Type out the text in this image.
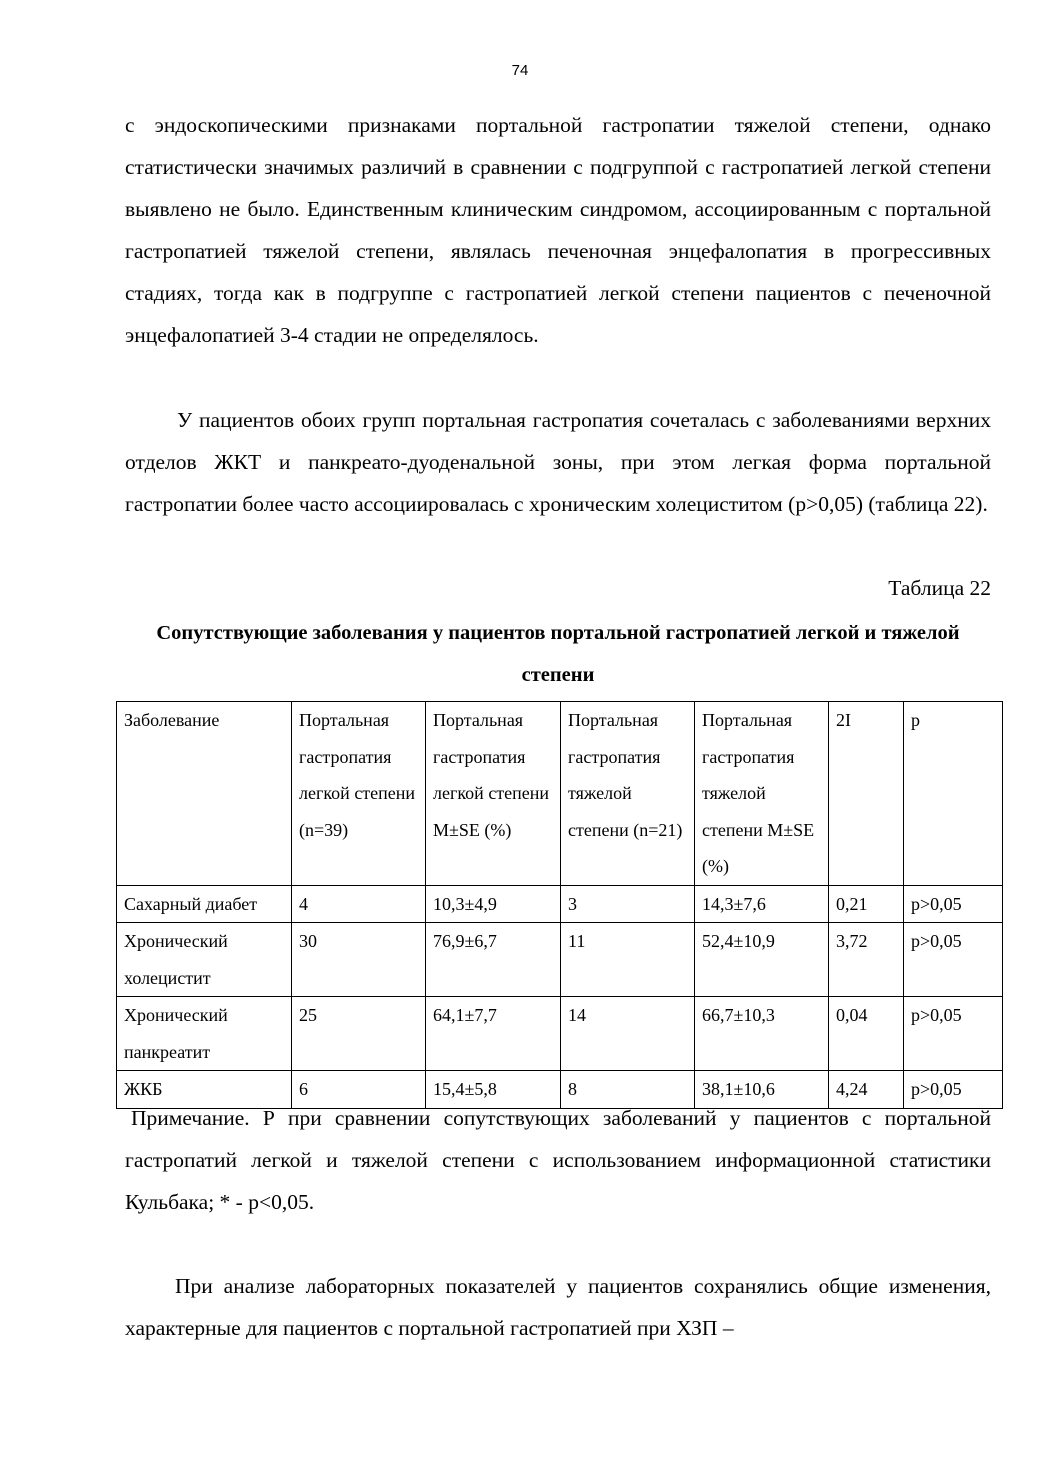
74

с эндоскопическими признаками портальной гастропатии тяжелой степени, однако статистически значимых различий в сравнении с подгруппой с гастропатией легкой степени выявлено не было. Единственным клиническим синдромом, ассоциированным с портальной гастропатией тяжелой степени, являлась печеночная энцефалопатия в прогрессивных стадиях, тогда как в подгруппе с гастропатией легкой степени пациентов с печеночной энцефалопатией 3-4 стадии не определялось.

У пациентов обоих групп портальная гастропатия сочеталась с заболеваниями верхних отделов ЖКТ и панкреато-дуоденальной зоны, при этом легкая форма портальной гастропатии более часто ассоциировалась с хроническим холециститом (p>0,05) (таблица 22).

Таблица 22
Сопутствующие заболевания у пациентов портальной гастропатией легкой и тяжелой степени
Заболевание	Портальная гастропатия легкой степени (n=39)	Портальная гастропатия легкой степени M±SE (%)	Портальная гастропатия тяжелой степени (n=21)	Портальная гастропатия тяжелой степени M±SE (%)	2I	p
Сахарный диабет	4	10,3±4,9	3	14,3±7,6	0,21	p>0,05
Хронический холецистит	30	76,9±6,7	11	52,4±10,9	3,72	p>0,05
Хронический панкреатит	25	64,1±7,7	14	66,7±10,3	0,04	p>0,05
ЖКБ	6	15,4±5,8	8	38,1±10,6	4,24	p>0,05

Примечание. Р при сравнении сопутствующих заболеваний у пациентов с портальной гастропатий легкой и тяжелой степени с использованием информационной статистики Кульбака; * - p<0,05.

При анализе лабораторных показателей у пациентов сохранялись общие изменения, характерные для пациентов с портальной гастропатией при ХЗП –
